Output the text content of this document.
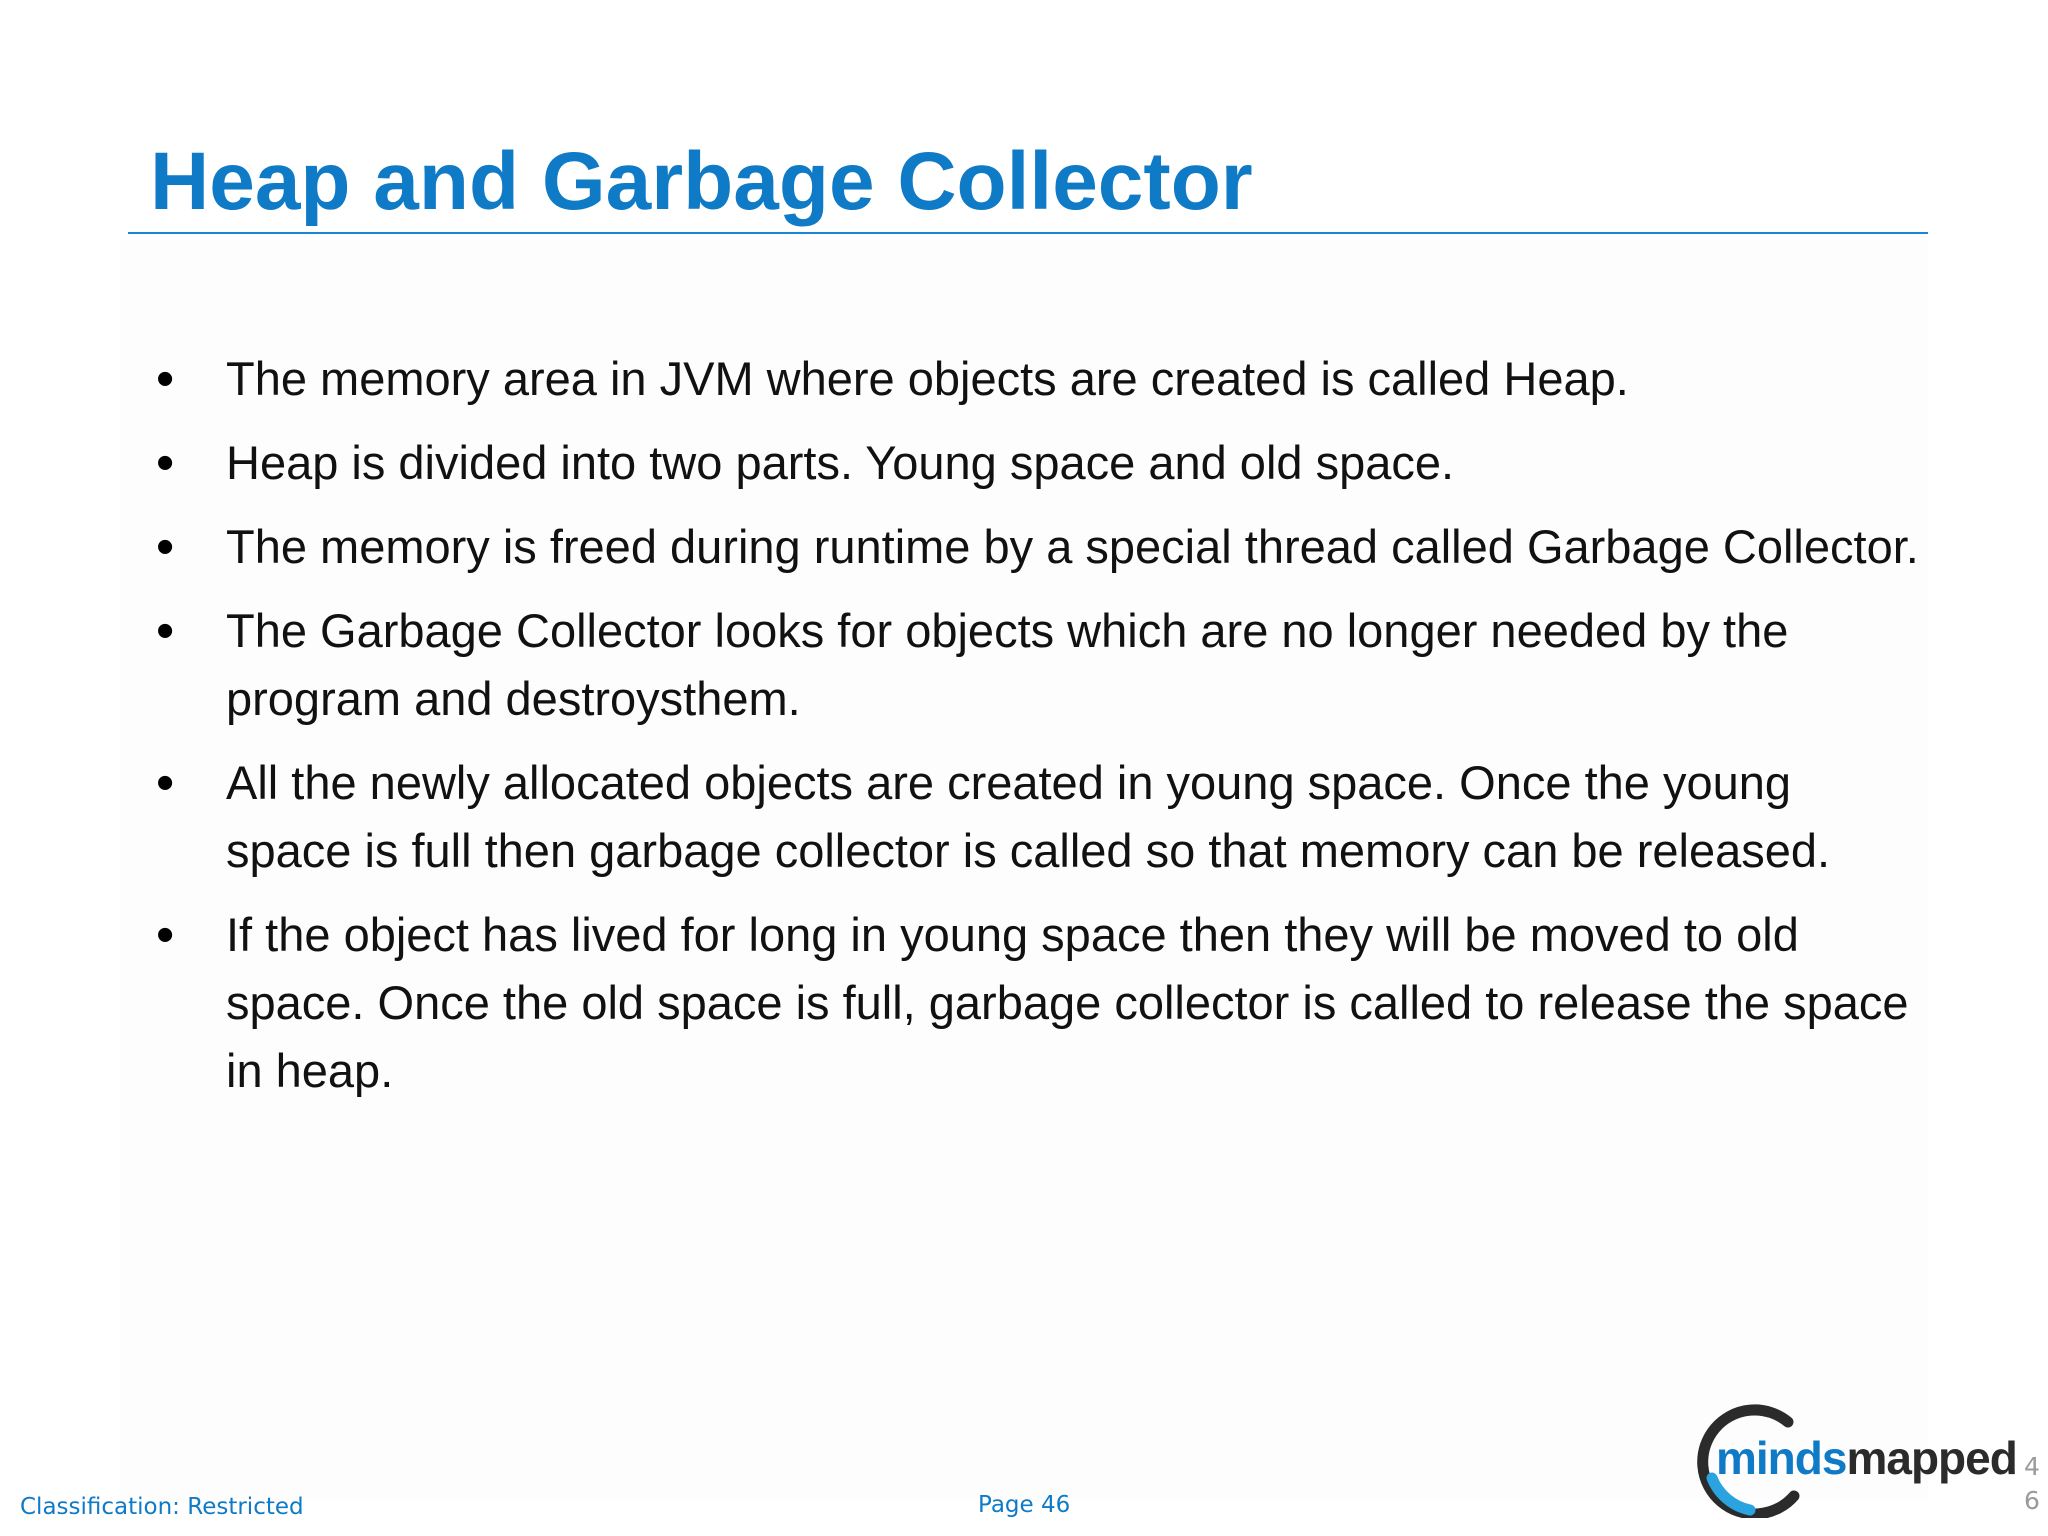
Heap and Garbage Collector
• The memory area in JVM where objects are created is called Heap.
• Heap is divided into two parts. Young space and old space.
• The memory is freed during runtime by a special thread called Garbage Collector.
• The Garbage Collector looks for objects which are no longer needed by the program and destroysthem.
• All the newly allocated objects are created in young space. Once the young space is full then garbage collector is called so that memory can be released.
• If the object has lived for long in young space then they will be moved to old space. Once the old space is full, garbage collector is called to release the space in heap.
Classification: Restricted	Page 46
mindsmapped 46
